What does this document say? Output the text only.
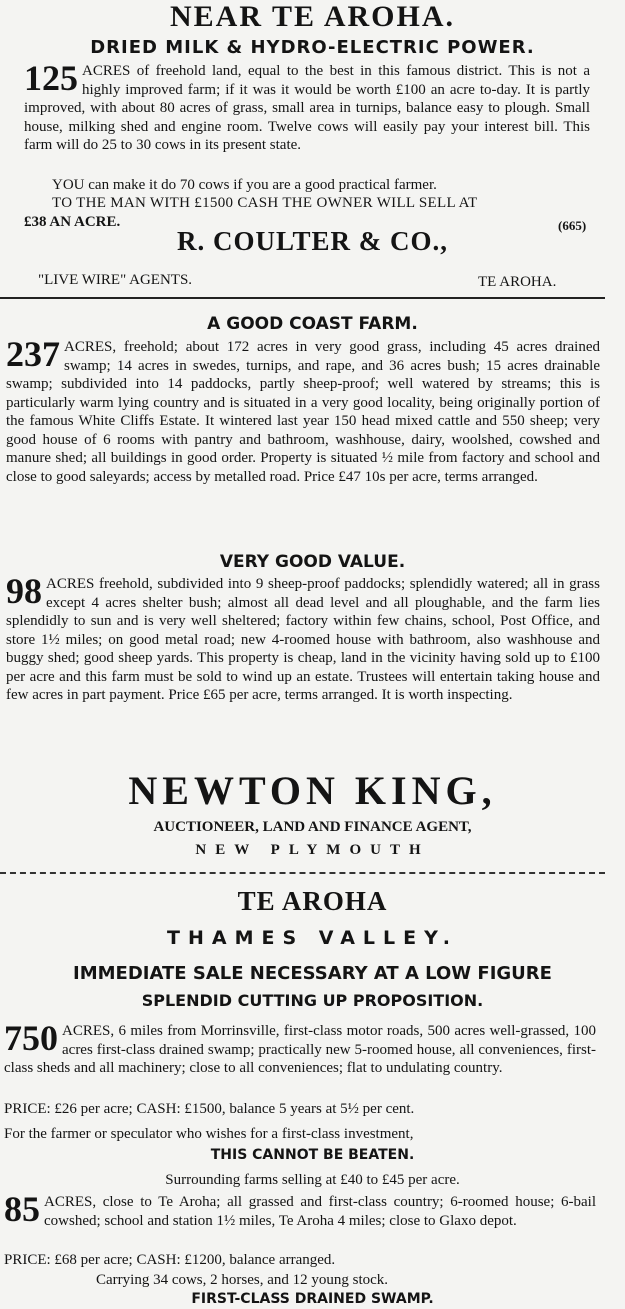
NEAR TE AROHA.
DRIED MILK & HYDRO-ELECTRIC POWER.
125 ACRES of freehold land, equal to the best in this famous district. This is not a highly improved farm; if it was it would be worth £100 an acre to-day. It is partly improved, with about 80 acres of grass, small area in turnips, balance easy to plough. Small house, milking shed and engine room. Twelve cows will easily pay your interest bill. This farm will do 25 to 30 cows in its present state.
YOU can make it do 70 cows if you are a good practical farmer.
TO THE MAN WITH £1500 CASH THE OWNER WILL SELL AT
£38 AN ACRE.	(665)
R. COULTER & CO.,
"LIVE WIRE" AGENTS.	TE AROHA.
A GOOD COAST FARM.
237 ACRES, freehold; about 172 acres in very good grass, including 45 acres drained swamp; 14 acres in swedes, turnips, and rape, and 36 acres bush; 15 acres drainable swamp; subdivided into 14 paddocks, partly sheep-proof; well watered by streams; this is particularly warm lying country and is situated in a very good locality, being originally portion of the famous White Cliffs Estate. It wintered last year 150 head mixed cattle and 550 sheep; very good house of 6 rooms with pantry and bathroom, washhouse, dairy, woolshed, cowshed and manure shed; all buildings in good order. Property is situated ½ mile from factory and school and close to good saleyards; access by metalled road. Price £47 10s per acre, terms arranged.
VERY GOOD VALUE.
98 ACRES freehold, subdivided into 9 sheep-proof paddocks; splendidly watered; all in grass except 4 acres shelter bush; almost all dead level and all ploughable, and the farm lies splendidly to sun and is very well sheltered; factory within few chains, school, Post Office, and store 1½ miles; on good metal road; new 4-roomed house with bathroom, also washhouse and buggy shed; good sheep yards. This property is cheap, land in the vicinity having sold up to £100 per acre and this farm must be sold to wind up an estate. Trustees will entertain taking house and few acres in part payment. Price £65 per acre, terms arranged. It is worth inspecting.
NEWTON KING,
AUCTIONEER, LAND AND FINANCE AGENT,
NEW PLYMOUTH
TE AROHA
THAMES VALLEY.
IMMEDIATE SALE NECESSARY AT A LOW FIGURE
SPLENDID CUTTING UP PROPOSITION.
750 ACRES, 6 miles from Morrinsville, first-class motor roads, 500 acres well-grassed, 100 acres first-class drained swamp; practically new 5-roomed house, all conveniences, first-class sheds and all machinery; close to all conveniences; flat to undulating country.
PRICE: £26 per acre; CASH: £1500, balance 5 years at 5½ per cent.
For the farmer or speculator who wishes for a first-class investment,
THIS CANNOT BE BEATEN.
Surrounding farms selling at £40 to £45 per acre.
85 ACRES, close to Te Aroha; all grassed and first-class country; 6-roomed house; 6-bail cowshed; school and station 1½ miles, Te Aroha 4 miles; close to Glaxo depot.
PRICE: £68 per acre; CASH: £1200, balance arranged.
Carrying 34 cows, 2 horses, and 12 young stock.
FIRST-CLASS DRAINED SWAMP.
